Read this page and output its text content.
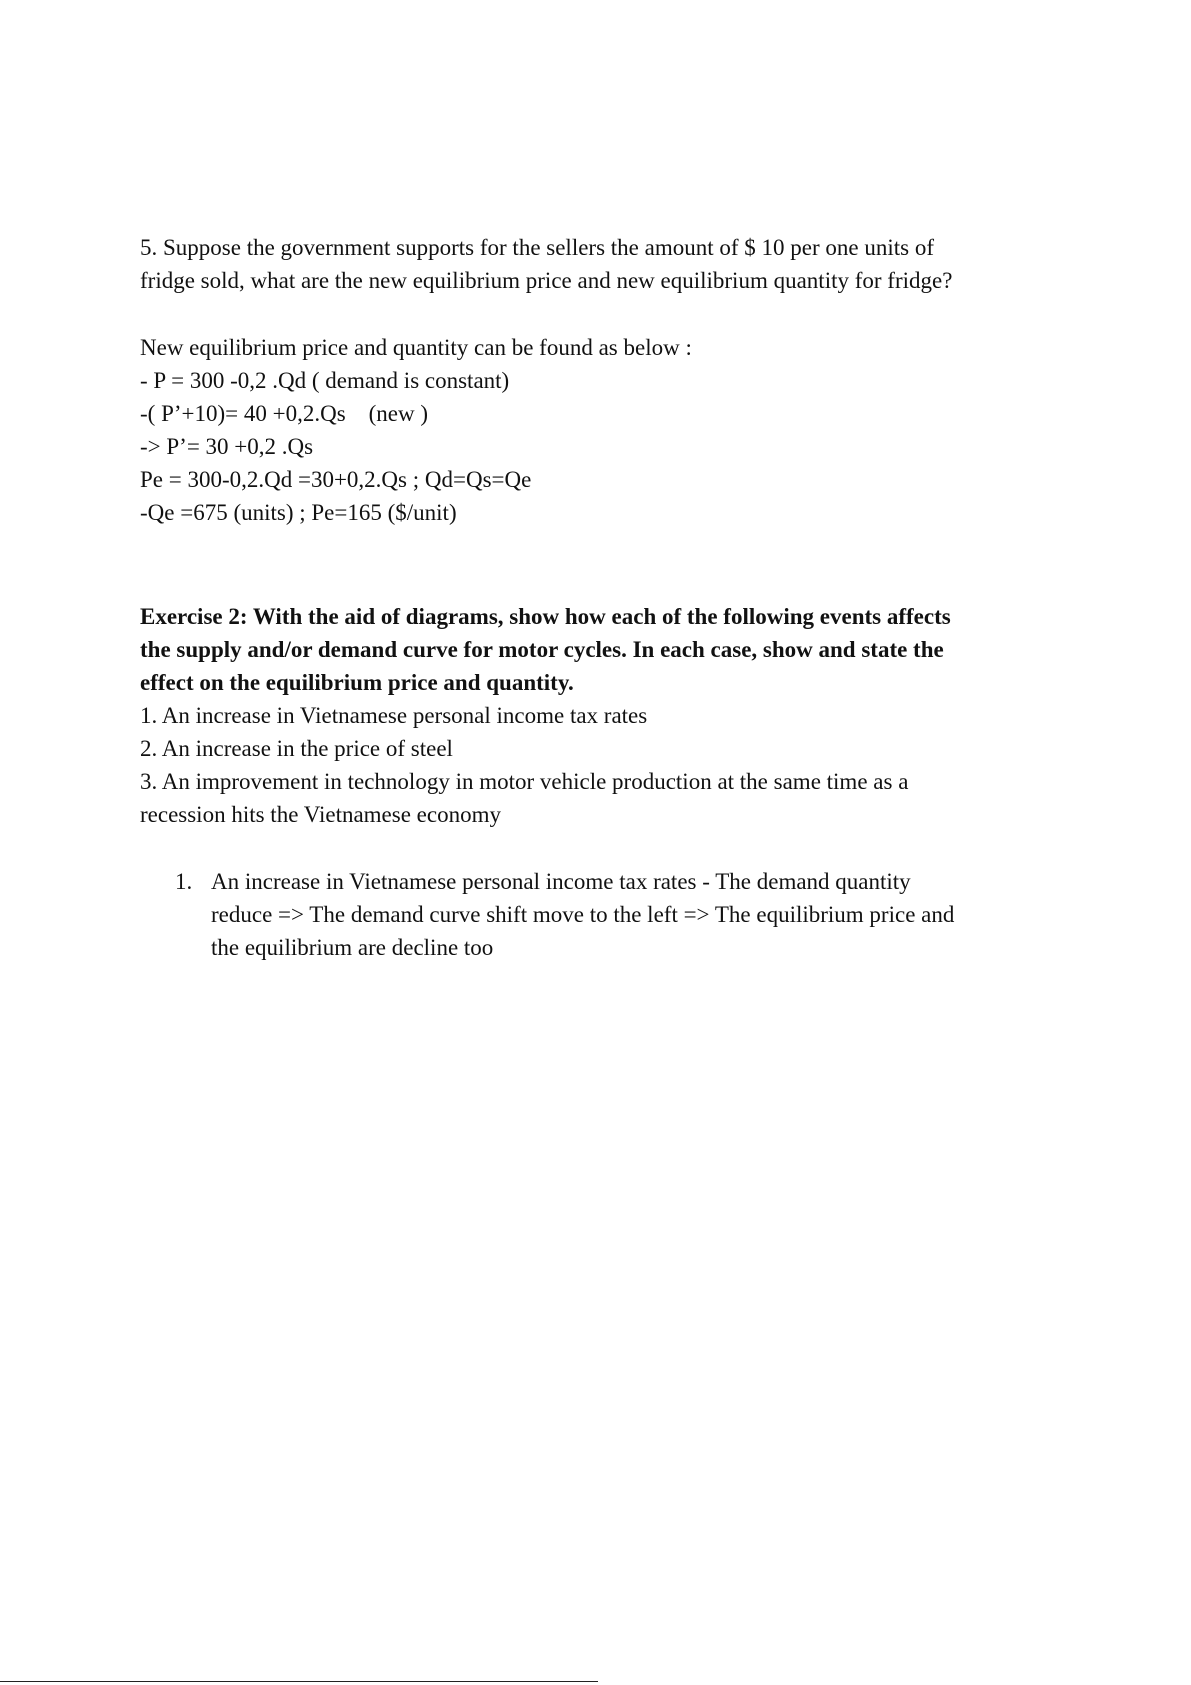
5. Suppose the government supports for the sellers the amount of $ 10 per one units of
fridge sold, what are the new equilibrium price and new equilibrium quantity for fridge?
New equilibrium price and quantity can be found as below :
- P = 300 -0,2 .Qd ( demand is constant)
-( P’+10)= 40 +0,2.Qs    (new )
-> P’= 30 +0,2 .Qs
Pe = 300-0,2.Qd =30+0,2.Qs ; Qd=Qs=Qe
-Qe =675 (units) ; Pe=165 ($/unit)
Exercise 2: With the aid of diagrams, show how each of the following events affects
the supply and/or demand curve for motor cycles. In each case, show and state the
effect on the equilibrium price and quantity.
1. An increase in Vietnamese personal income tax rates
2. An increase in the price of steel
3. An improvement in technology in motor vehicle production at the same time as a
recession hits the Vietnamese economy
1. An increase in Vietnamese personal income tax rates - The demand quantity
reduce => The demand curve shift move to the left => The equilibrium price and
the equilibrium are decline too
